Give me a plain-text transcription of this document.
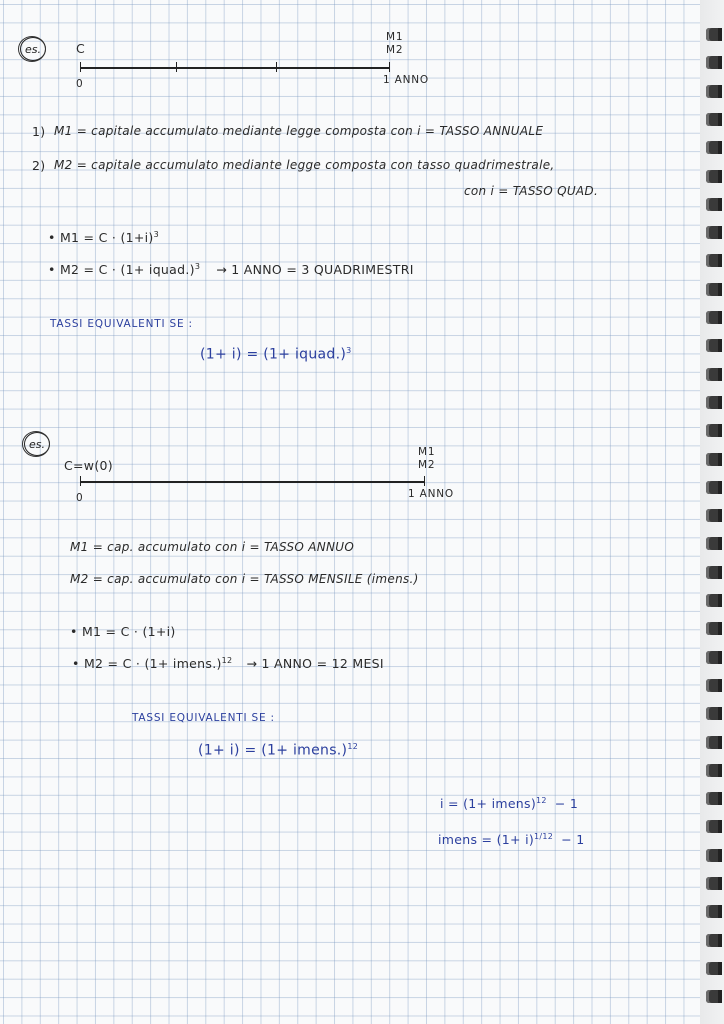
es.	C
M1
M2
0	1 ANNO
1) M1 = capitale accumulato mediante legge composta con i = TASSO ANNUALE
2) M2 = capitale accumulato mediante legge composta con tasso quadrimestrale,
con i = TASSO QUAD.
• $M1 = C \cdot (1+i)^3$
• M2 = C · (1+ iquad.)$^3$ → 1 ANNO = 3 QUADRIMESTRI
TASSI EQUIVALENTI SE :
(1+ i) = (1+ iquad.)$^3$
es.
C=w(0)
M1
M2
0	1 ANNO
M1 = cap. accumulato con i = TASSO ANNUO
M2 = cap. accumulato con i = TASSO MENSILE (imens.)
• M1 = C · (1+i)
• M2 = C · (1+ imens.)$^{12}$ → 1 ANNO = 12 MESI
TASSI EQUIVALENTI SE :
(1+ i) = (1+ imens.)$^{12}$
i = (1+ imens)$^{12}$ − 1
imens = $(1+ i)^{1/12} - 1$
